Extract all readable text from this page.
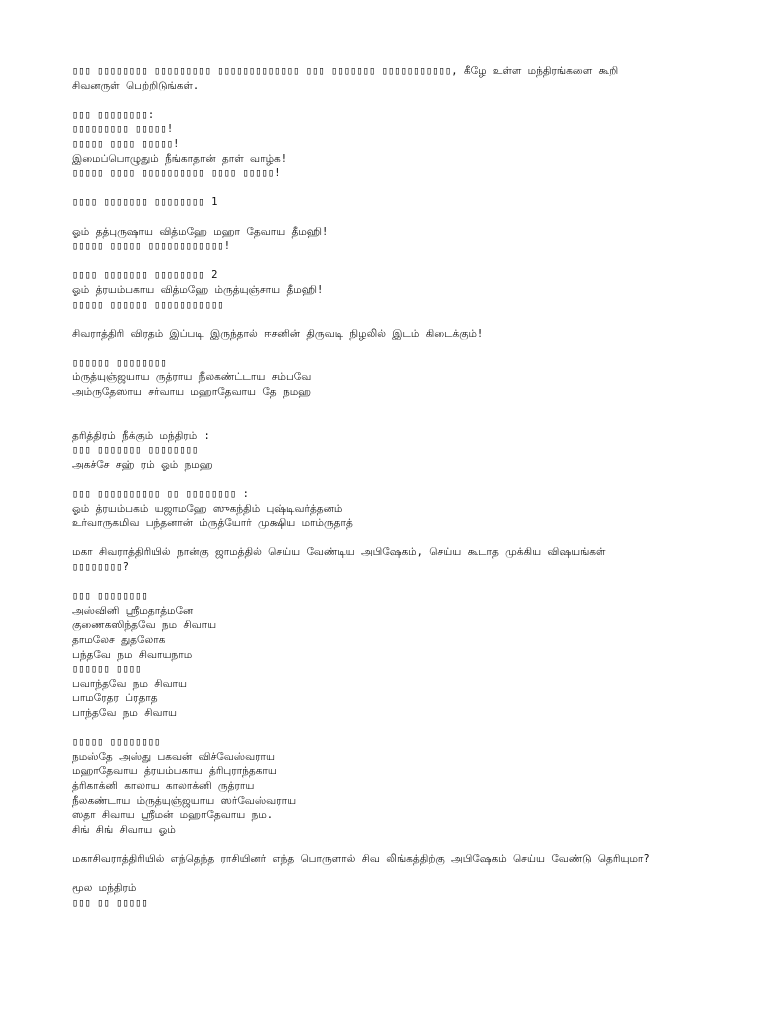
▯▯▯ ▯▯▯▯▯▯▯▯ ▯▯▯▯▯▯▯▯▯ ▯▯▯▯▯▯▯▯▯▯▯▯▯ ▯▯▯ ▯▯▯▯▯▯▯ ▯▯▯▯▯▯▯▯▯▯▯, கீழே உள்ள மந்திரங்களை கூறி
சிவனருள் பெற்றிடுங்கள்.
▯▯▯ ▯▯▯▯▯▯▯▯:
▯▯▯▯▯▯▯▯▯ ▯▯▯▯▯!
▯▯▯▯▯ ▯▯▯▯ ▯▯▯▯▯!
இமைப்பொழுதும் நீங்காதான் தாள் வாழ்க!
▯▯▯▯▯ ▯▯▯▯ ▯▯▯▯▯▯▯▯▯▯ ▯▯▯▯ ▯▯▯▯▯!
▯▯▯▯ ▯▯▯▯▯▯▯ ▯▯▯▯▯▯▯▯ 1
ஓம் தத்புருஷாய வித்மஹே மஹா தேவாய தீமஹி!
▯▯▯▯▯ ▯▯▯▯▯ ▯▯▯▯▯▯▯▯▯▯▯▯!
▯▯▯▯ ▯▯▯▯▯▯▯ ▯▯▯▯▯▯▯▯ 2
ஓம் த்ரயம்பகாய வித்மஹே ம்ருத்யுஞ்சாய தீமஹி!
▯▯▯▯▯ ▯▯▯▯▯▯ ▯▯▯▯▯▯▯▯▯▯▯
சிவராத்திரி விரதம் இப்படி இருந்தால் ஈசனின் திருவடி நிழலில் இடம் கிடைக்கும்!
▯▯▯▯▯▯ ▯▯▯▯▯▯▯▯
ம்ருத்யுஞ்ஜயாய ருத்ராய நீலகண்ட்டாய சம்பவே
அம்ருதேஸாய சர்வாய மஹாதேவாய தே நமஹ
தரித்திரம் நீக்கும் மந்திரம் :
▯▯▯ ▯▯▯▯▯▯▯ ▯▯▯▯▯▯▯▯
அகச்சே சஹ் ரம் ஓம் நமஹ
▯▯▯ ▯▯▯▯▯▯▯▯▯▯ ▯▯ ▯▯▯▯▯▯▯▯ :
ஓம் த்ரயம்பகம் யஜாமஹே ஸுகந்திம் புஷ்டிவர்த்தனம்
உர்வாருகமிவ பந்தனான் ம்ருத்யோர் முக்ஷிய மாம்ருதாத்
மகா சிவராத்திரியில் நான்கு ஜாமத்தில் செய்ய வேண்டிய அபிஷேகம், செய்ய கூடாத முக்கிய விஷயங்கள்
▯▯▯▯▯▯▯▯?
▯▯▯ ▯▯▯▯▯▯▯▯
அஸ்வினி ஸ்ரீமதாத்மனே
குணைகஸிந்தவே நம சிவாய
தாமலேச துதலோக
பந்தவே நம சிவாயநாம
▯▯▯▯▯▯ ▯▯▯▯
பவாந்தவே நம சிவாய
பாமரேதர ப்ரதாத
பாந்தவே நம சிவாய
▯▯▯▯▯ ▯▯▯▯▯▯▯▯
நமஸ்தே அஸ்து பகவன் விச்வேஸ்வராய
மஹாதேவாய த்ரயம்பகாய த்ரிபுராந்தகாய
த்ரிகாக்னி காலாய காலாக்னி ருத்ராய
நீலகண்டாய ம்ருத்யுஞ்ஜயாய ஸர்வேஸ்வராய
ஸதா சிவாய ஸ்ரீமன் மஹாதேவாய நம.
சிங் சிங் சிவாய ஓம்
மகாசிவராத்திரியில் எந்தெந்த ராசியினர் எந்த பொருளால் சிவ லிங்கத்திற்கு அபிஷேகம் செய்ய வேண்டு தெரியுமா?
மூல மந்திரம்
▯▯▯ ▯▯ ▯▯▯▯▯
